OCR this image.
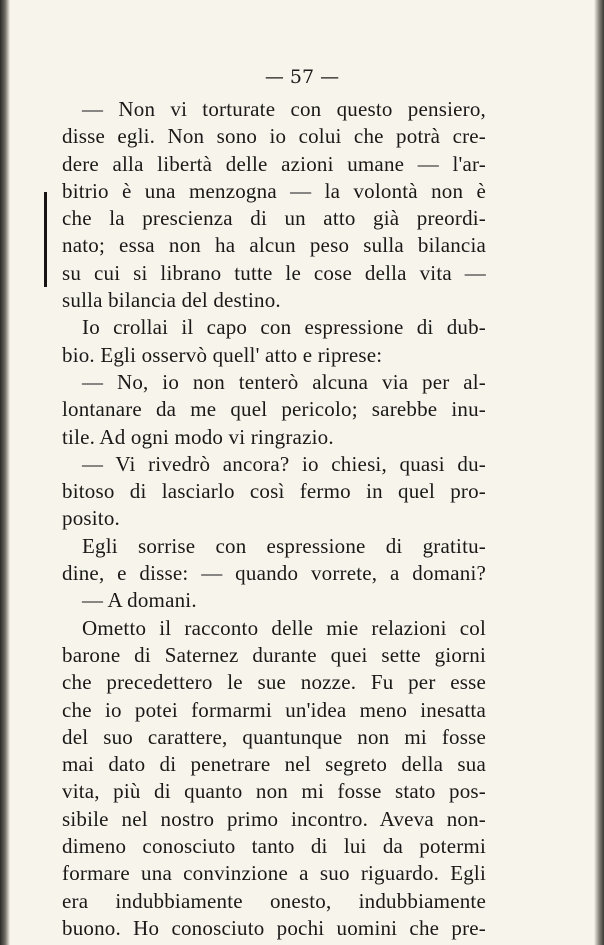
— 57 —
— Non vi torturate con questo pensiero,
disse egli. Non sono io colui che potrà cre-
dere alla libertà delle azioni umane — l'ar-
bitrio è una menzogna — la volontà non è
che la prescienza di un atto già preordi-
nato; essa non ha alcun peso sulla bilancia
su cui si librano tutte le cose della vita —
sulla bilancia del destino.
Io crollai il capo con espressione di dub-
bio. Egli osservò quell' atto e riprese:
— No, io non tenterò alcuna via per al-
lontanare da me quel pericolo; sarebbe inu-
tile. Ad ogni modo vi ringrazio.
— Vi rivedrò ancora? io chiesi, quasi du-
bitoso di lasciarlo così fermo in quel pro-
posito.
Egli sorrise con espressione di gratitu-
dine, e disse: — quando vorrete, a domani?
— A domani.
Ometto il racconto delle mie relazioni col
barone di Saternez durante quei sette giorni
che precedettero le sue nozze. Fu per esse
che io potei formarmi un'idea meno inesatta
del suo carattere, quantunque non mi fosse
mai dato di penetrare nel segreto della sua
vita, più di quanto non mi fosse stato pos-
sibile nel nostro primo incontro. Aveva non-
dimeno conosciuto tanto di lui da potermi
formare una convinzione a suo riguardo. Egli
era indubbiamente onesto, indubbiamente
buono. Ho conosciuto pochi uomini che pre-
